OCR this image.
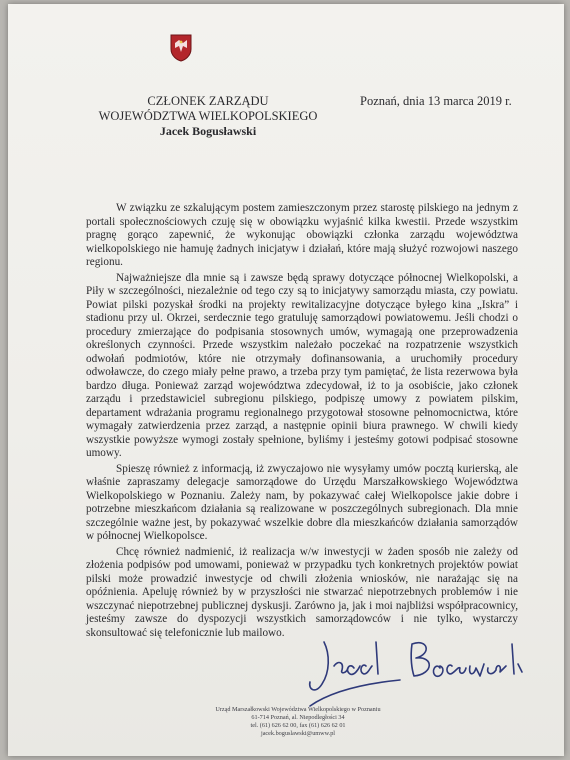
CZŁONEK ZARZĄDU
WOJEWÓDZTWA WIELKOPOLSKIEGO
Jacek Bogusławski
Poznań, dnia 13 marca 2019 r.

W związku ze szkalującym postem zamieszczonym przez starostę pilskiego na jednym z portali społecznościowych czuję się w obowiązku wyjaśnić kilka kwestii. Przede wszystkim pragnę gorąco zapewnić, że wykonując obowiązki członka zarządu województwa wielkopolskiego nie hamuję żadnych inicjatyw i działań, które mają służyć rozwojowi naszego regionu.

Najważniejsze dla mnie są i zawsze będą sprawy dotyczące północnej Wielkopolski, a Piły w szczególności, niezależnie od tego czy są to inicjatywy samorządu miasta, czy powiatu. Powiat pilski pozyskał środki na projekty rewitalizacyjne dotyczące byłego kina „Iskra” i stadionu przy ul. Okrzei, serdecznie tego gratuluję samorządowi powiatowemu. Jeśli chodzi o procedury zmierzające do podpisania stosownych umów, wymagają one przeprowadzenia określonych czynności. Przede wszystkim należało poczekać na rozpatrzenie wszystkich odwołań podmiotów, które nie otrzymały dofinansowania, a uruchomiły procedury odwoławcze, do czego miały pełne prawo, a trzeba przy tym pamiętać, że lista rezerwowa była bardzo długa. Ponieważ zarząd województwa zdecydował, iż to ja osobiście, jako członek zarządu i przedstawiciel subregionu pilskiego, podpiszę umowy z powiatem pilskim, departament wdrażania programu regionalnego przygotował stosowne pełnomocnictwa, które wymagały zatwierdzenia przez zarząd, a następnie opinii biura prawnego. W chwili kiedy wszystkie powyższe wymogi zostały spełnione, byliśmy i jesteśmy gotowi podpisać stosowne umowy.

Spieszę również z informacją, iż zwyczajowo nie wysyłamy umów pocztą kurierską, ale właśnie zapraszamy delegacje samorządowe do Urzędu Marszałkowskiego Województwa Wielkopolskiego w Poznaniu. Zależy nam, by pokazywać całej Wielkopolsce jakie dobre i potrzebne mieszkańcom działania są realizowane w poszczególnych subregionach. Dla mnie szczególnie ważne jest, by pokazywać wszelkie dobre dla mieszkańców działania samorządów w północnej Wielkopolsce.

Chcę również nadmienić, iż realizacja w/w inwestycji w żaden sposób nie zależy od złożenia podpisów pod umowami, ponieważ w przypadku tych konkretnych projektów powiat pilski może prowadzić inwestycje od chwili złożenia wniosków, nie narażając się na opóźnienia. Apeluję również by w przyszłości nie stwarzać niepotrzebnych problemów i nie wszczynać niepotrzebnej publicznej dyskusji. Zarówno ja, jak i moi najbliżsi współpracownicy, jesteśmy zawsze do dyspozycji wszystkich samorządowców i nie tylko, wystarczy skonsultować się telefonicznie lub mailowo.

Urząd Marszałkowski Województwa Wielkopolskiego w Poznaniu
61-714 Poznań, al. Niepodległości 34
tel. (61) 626 62 00, fax (61) 626 62 01
jacek.boguslawski@umww.pl
